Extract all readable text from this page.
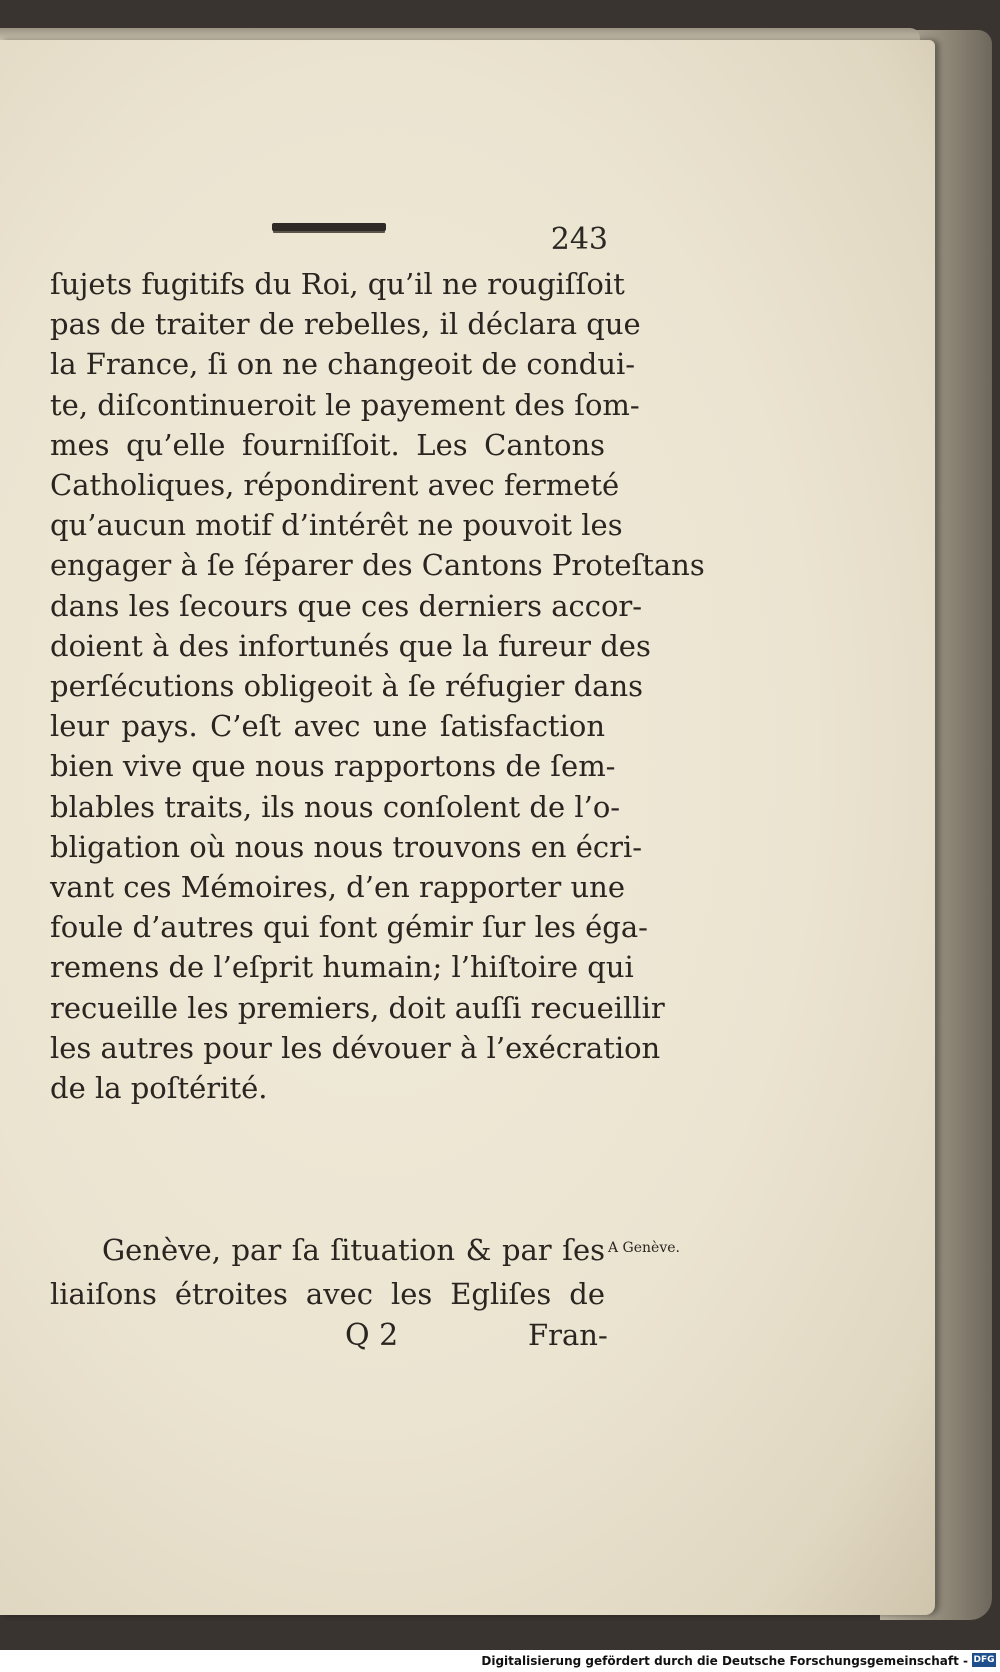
243
ſujets fugitifs du Roi, qu’il ne rougiſſoit
pas de traiter de rebelles, il déclara que
la France, ſi on ne changeoit de condui-
te, diſcontinueroit le payement des ſom-
mes qu’elle fourniſſoit. Les Cantons
Catholiques, répondirent avec fermeté
qu’aucun motif d’intérêt ne pouvoit les
engager à ſe ſéparer des Cantons Proteſtans
dans les ſecours que ces derniers accor-
doient à des infortunés que la fureur des
perſécutions obligeoit à ſe réfugier dans
leur pays. C’eſt avec une ſatisfaction
bien vive que nous rapportons de ſem-
blables traits, ils nous conſolent de l’o-
bligation où nous nous trouvons en écri-
vant ces Mémoires, d’en rapporter une
foule d’autres qui font gémir ſur les éga-
remens de l’eſprit humain; l’hiſtoire qui
recueille les premiers, doit auſſi recueillir
les autres pour les dévouer à l’exécration
de la poſtérité.
Genève, par ſa ſituation & par ſes
liaiſons étroites avec les Egliſes de
A Genève.
Q 2	Fran-
Digitalisierung gefördert durch die Deutsche Forschungsgemeinschaft - DFG
